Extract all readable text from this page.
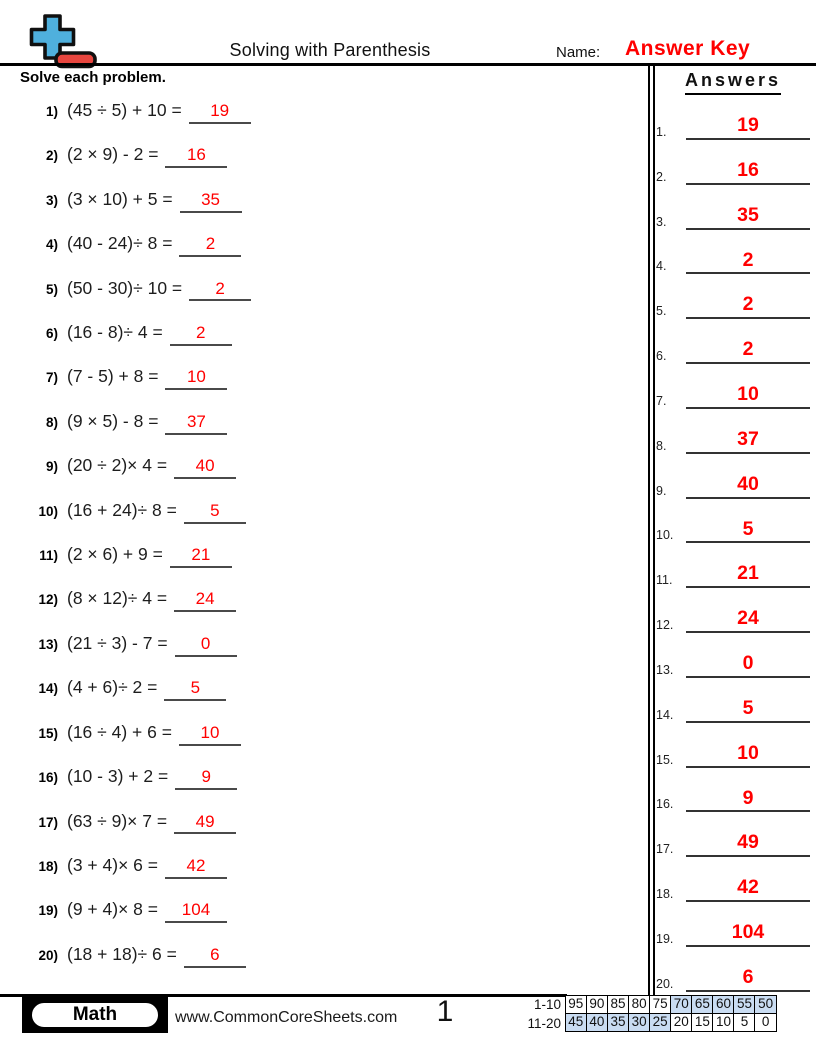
Solving with Parenthesis	Name: Answer Key
Solve each problem.
1) (45 ÷ 5) + 10 =	19
2) (2 × 9) - 2 =	16
3) (3 × 10) + 5 =	35
4) (40 - 24)÷ 8 =	2
5) (50 - 30)÷ 10 =	2
6) (16 - 8)÷ 4 =	2
7) (7 - 5) + 8 =	10
8) (9 × 5) - 8 =	37
9) (20 ÷ 2)× 4 =	40
10) (16 + 24)÷ 8 =	5
11) (2 × 6) + 9 =	21
12) (8 × 12)÷ 4 =	24
13) (21 ÷ 3) - 7 =	0
14) (4 + 6)÷ 2 =	5
15) (16 ÷ 4) + 6 =	10
16) (10 - 3) + 2 =	9
17) (63 ÷ 9)× 7 =	49
18) (3 + 4)× 6 =	42
19) (9 + 4)× 8 =	104
20) (18 + 18)÷ 6 =	6
Answers
1.	19
2.	16
3.	35
4.	2
5.	2
6.	2
7.	10
8.	37
9.	40
10.	5
11.	21
12.	24
13.	0
14.	5
15.	10
16.	9
17.	49
18.	42
19.	104
20.	6
Math	www.CommonCoreSheets.com	1	1-10 95 90 85 80 75 70 65 60 55 50
11-20 45 40 35 30 25 20 15 10 5	0
